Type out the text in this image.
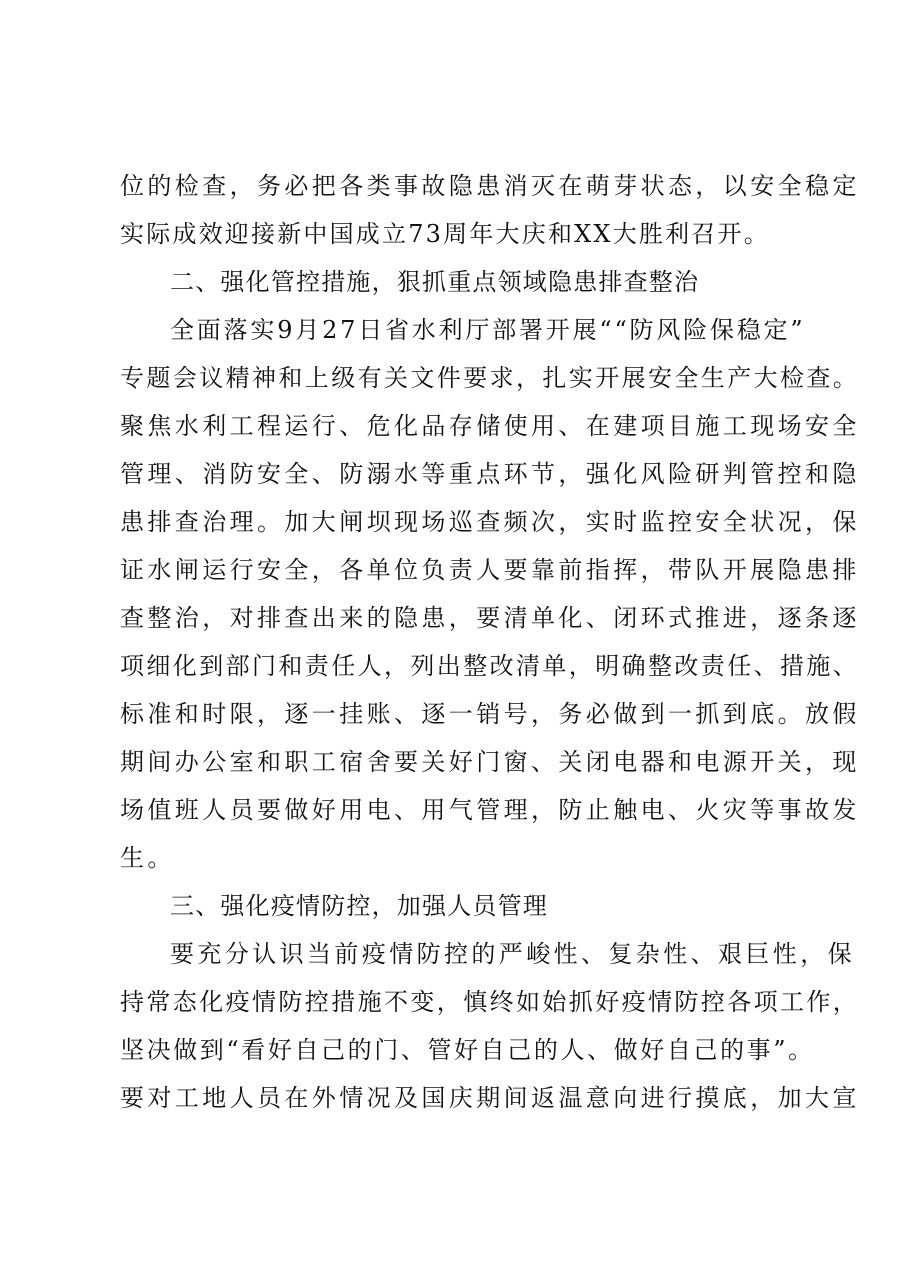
位的检查，务必把各类事故隐患消灭在萌芽状态，以安全稳定
实际成效迎接新中国成立73周年大庆和XX大胜利召开。
二、强化管控措施，狠抓重点领域隐患排查整治
全面落实9月27日省水利厅部署开展““防风险保稳定”
专题会议精神和上级有关文件要求，扎实开展安全生产大检查。
聚焦水利工程运行、危化品存储使用、在建项目施工现场安全
管理、消防安全、防溺水等重点环节，强化风险研判管控和隐
患排查治理。加大闸坝现场巡查频次，实时监控安全状况，保
证水闸运行安全，各单位负责人要靠前指挥，带队开展隐患排
查整治，对排查出来的隐患，要清单化、闭环式推进，逐条逐
项细化到部门和责任人，列出整改清单，明确整改责任、措施、
标准和时限，逐一挂账、逐一销号，务必做到一抓到底。放假
期间办公室和职工宿舍要关好门窗、关闭电器和电源开关，现
场值班人员要做好用电、用气管理，防止触电、火灾等事故发
生。
三、强化疫情防控，加强人员管理
要充分认识当前疫情防控的严峻性、复杂性、艰巨性，保
持常态化疫情防控措施不变，慎终如始抓好疫情防控各项工作，
坚决做到“看好自己的门、管好自己的人、做好自己的事”。
要对工地人员在外情况及国庆期间返温意向进行摸底，加大宣
